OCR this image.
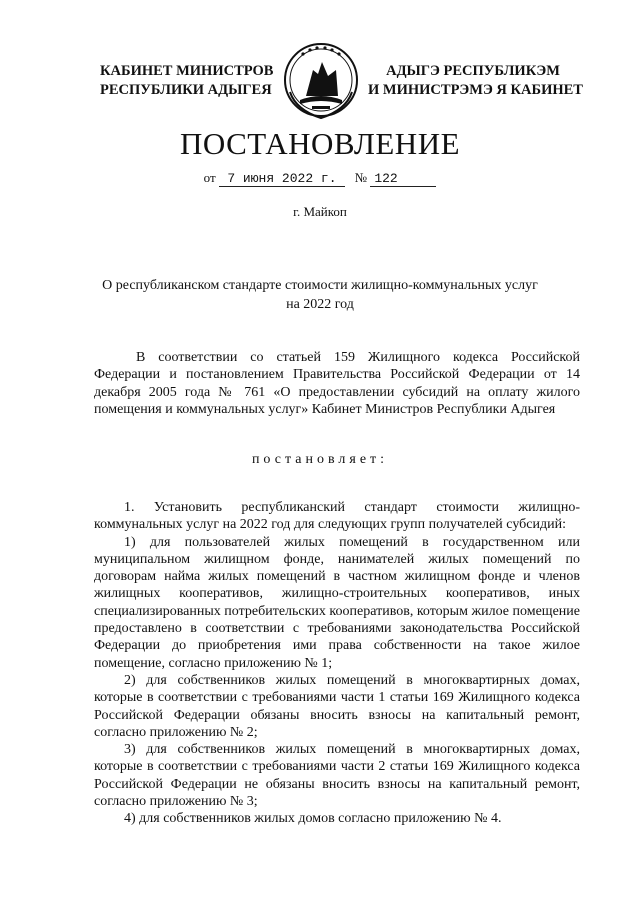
КАБИНЕТ МИНИСТРОВ
РЕСПУБЛИКИ АДЫГЕЯ
АДЫГЭ РЕСПУБЛИКЭМ
И МИНИСТРЭМЭ Я КАБИНЕТ
ПОСТАНОВЛЕНИЕ
от 7 июня 2022 г. № 122
г. Майкоп
О республиканском стандарте стоимости жилищно-коммунальных услуг
на 2022 год

В соответствии со статьей 159 Жилищного кодекса Российской Федерации и постановлением Правительства Российской Федерации от 14 декабря 2005 года № 761 «О предоставлении субсидий на оплату жилого помещения и коммунальных услуг» Кабинет Министров Республики Адыгея

постановляет:

1. Установить республиканский стандарт стоимости жилищно-коммунальных услуг на 2022 год для следующих групп получателей субсидий:

1) для пользователей жилых помещений в государственном или муниципальном жилищном фонде, нанимателей жилых помещений по договорам найма жилых помещений в частном жилищном фонде и членов жилищных кооперативов, жилищно-строительных кооперативов, иных специализированных потребительских кооперативов, которым жилое помещение предоставлено в соответствии с требованиями законодательства Российской Федерации до приобретения ими права собственности на такое жилое помещение, согласно приложению № 1;

2) для собственников жилых помещений в многоквартирных домах, которые в соответствии с требованиями части 1 статьи 169 Жилищного кодекса Российской Федерации обязаны вносить взносы на капитальный ремонт, согласно приложению № 2;

3) для собственников жилых помещений в многоквартирных домах, которые в соответствии с требованиями части 2 статьи 169 Жилищного кодекса Российской Федерации не обязаны вносить взносы на капитальный ремонт, согласно приложению № 3;

4) для собственников жилых домов согласно приложению № 4.
